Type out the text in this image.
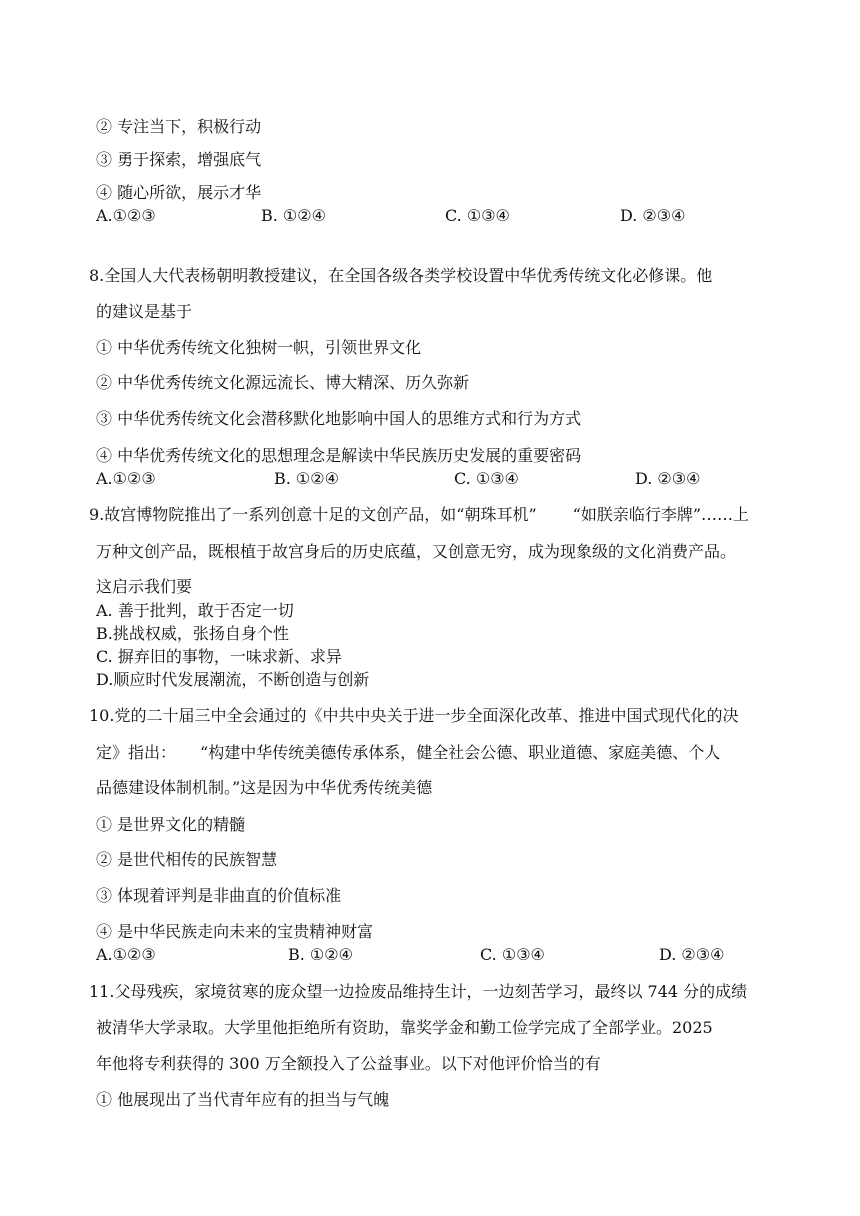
② 专注当下，积极行动
③ 勇于探索，增强底气
④ 随心所欲，展示才华
A.①②③	B. ①②④	C. ①③④	D. ②③④
8.全国人大代表杨朝明教授建议，在全国各级各类学校设置中华优秀传统文化必修课。他
的建议是基于
① 中华优秀传统文化独树一帜，引领世界文化
② 中华优秀传统文化源远流长、博大精深、历久弥新
③ 中华优秀传统文化会潜移默化地影响中国人的思维方式和行为方式
④ 中华优秀传统文化的思想理念是解读中华民族历史发展的重要密码
A.①②③	B. ①②④	C. ①③④	D. ②③④
9.故宫博物院推出了一系列创意十足的文创产品，如“朝珠耳机” “如朕亲临行李牌”……上
万种文创产品，既根植于故宫身后的历史底蕴，又创意无穷，成为现象级的文化消费产品。
这启示我们要
A. 善于批判，敢于否定一切
B.挑战权威，张扬自身个性
C. 摒弃旧的事物，一味求新、求异
D.顺应时代发展潮流，不断创造与创新
10.党的二十届三中全会通过的《中共中央关于进一步全面深化改革、推进中国式现代化的决
定》指出： “构建中华传统美德传承体系，健全社会公德、职业道德、家庭美德、个人
品德建设体制机制。”这是因为中华优秀传统美德
① 是世界文化的精髓
② 是世代相传的民族智慧
③ 体现着评判是非曲直的价值标准
④ 是中华民族走向未来的宝贵精神财富
A.①②③	B. ①②④	C. ①③④	D. ②③④
11.父母残疾，家境贫寒的庞众望一边捡废品维持生计，一边刻苦学习，最终以 744 分的成绩
被清华大学录取。大学里他拒绝所有资助，靠奖学金和勤工俭学完成了全部学业。2025
年他将专利获得的 300 万全额投入了公益事业。以下对他评价恰当的有
① 他展现出了当代青年应有的担当与气魄
